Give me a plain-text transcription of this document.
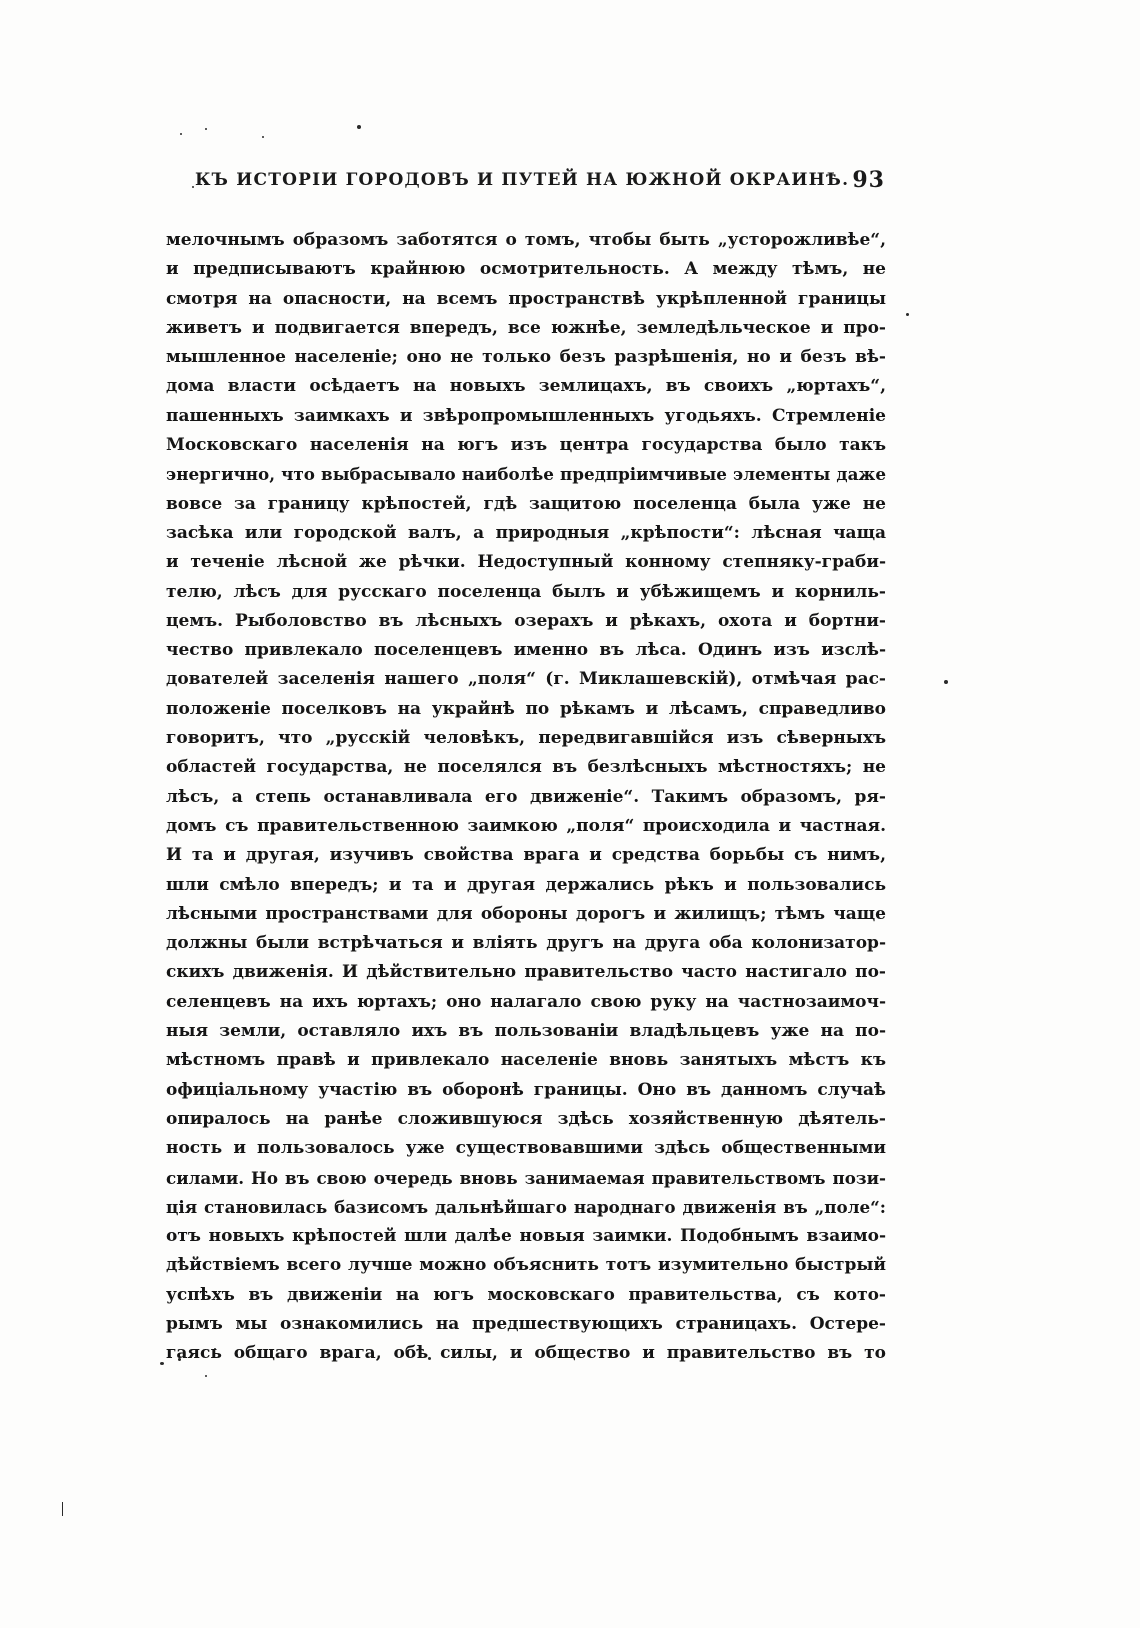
КЪ ИСТОРІИ ГОРОДОВЪ И ПУТЕЙ НА ЮЖНОЙ ОКРАИНѢ. 93
мелочнымъ образомъ заботятся о томъ, чтобы быть „усторожливѣе“,
и предписываютъ крайнюю осмотрительность. А между тѣмъ, не
смотря на опасности, на всемъ пространствѣ укрѣпленной границы
живетъ и подвигается впередъ, все южнѣе, земледѣльческое и про-
мышленное населеніе; оно не только безъ разрѣшенія, но и безъ вѣ-
дома власти осѣдаетъ на новыхъ землицахъ, въ своихъ „юртахъ“,
пашенныхъ заимкахъ и звѣропромышленныхъ угодьяхъ. Стремленіе
Московскаго населенія на югъ изъ центра государства было такъ
энергично, что выбрасывало наиболѣе предпріимчивые элементы даже
вовсе за границу крѣпостей, гдѣ защитою поселенца была уже не
засѣка или городской валъ, а природныя „крѣпости“: лѣсная чаща
и теченіе лѣсной же рѣчки. Недоступный конному степняку-граби-
телю, лѣсъ для русскаго поселенца былъ и убѣжищемъ и корниль-
цемъ. Рыболовство въ лѣсныхъ озерахъ и рѣкахъ, охота и бортни-
чество привлекало поселенцевъ именно въ лѣса. Одинъ изъ изслѣ-
дователей заселенія нашего „поля“ (г. Миклашевскій), отмѣчая рас-
положеніе поселковъ на украйнѣ по рѣкамъ и лѣсамъ, справедливо
говоритъ, что „русскій человѣкъ, передвигавшійся изъ сѣверныхъ
областей государства, не поселялся въ безлѣсныхъ мѣстностяхъ; не
лѣсъ, а степь останавливала его движеніе“. Такимъ образомъ, ря-
домъ съ правительственною заимкою „поля“ происходила и частная.
И та и другая, изучивъ свойства врага и средства борьбы съ нимъ,
шли смѣло впередъ; и та и другая держались рѣкъ и пользовались
лѣсными пространствами для обороны дорогъ и жилищъ; тѣмъ чаще
должны были встрѣчаться и вліять другъ на друга оба колонизатор-
скихъ движенія. И дѣйствительно правительство часто настигало по-
селенцевъ на ихъ юртахъ; оно налагало свою руку на частнозаимоч-
ныя земли, оставляло ихъ въ пользованіи владѣльцевъ уже на по-
мѣстномъ правѣ и привлекало населеніе вновь занятыхъ мѣстъ къ
офиціальному участію въ оборонѣ границы. Оно въ данномъ случаѣ
опиралось на ранѣе сложившуюся здѣсь хозяйственную дѣятель-
ность и пользовалось уже существовавшими здѣсь общественными
силами. Но въ свою очередь вновь занимаемая правительствомъ пози-
ція становилась базисомъ дальнѣйшаго народнаго движенія въ „поле“:
отъ новыхъ крѣпостей шли далѣе новыя заимки. Подобнымъ взаимо-
дѣйствіемъ всего лучше можно объяснить тотъ изумительно быстрый
успѣхъ въ движеніи на югъ московскаго правительства, съ кото-
рымъ мы ознакомились на предшествующихъ страницахъ. Остере-
гаясь общаго врага, обѣ силы, и общество и правительство въ то
